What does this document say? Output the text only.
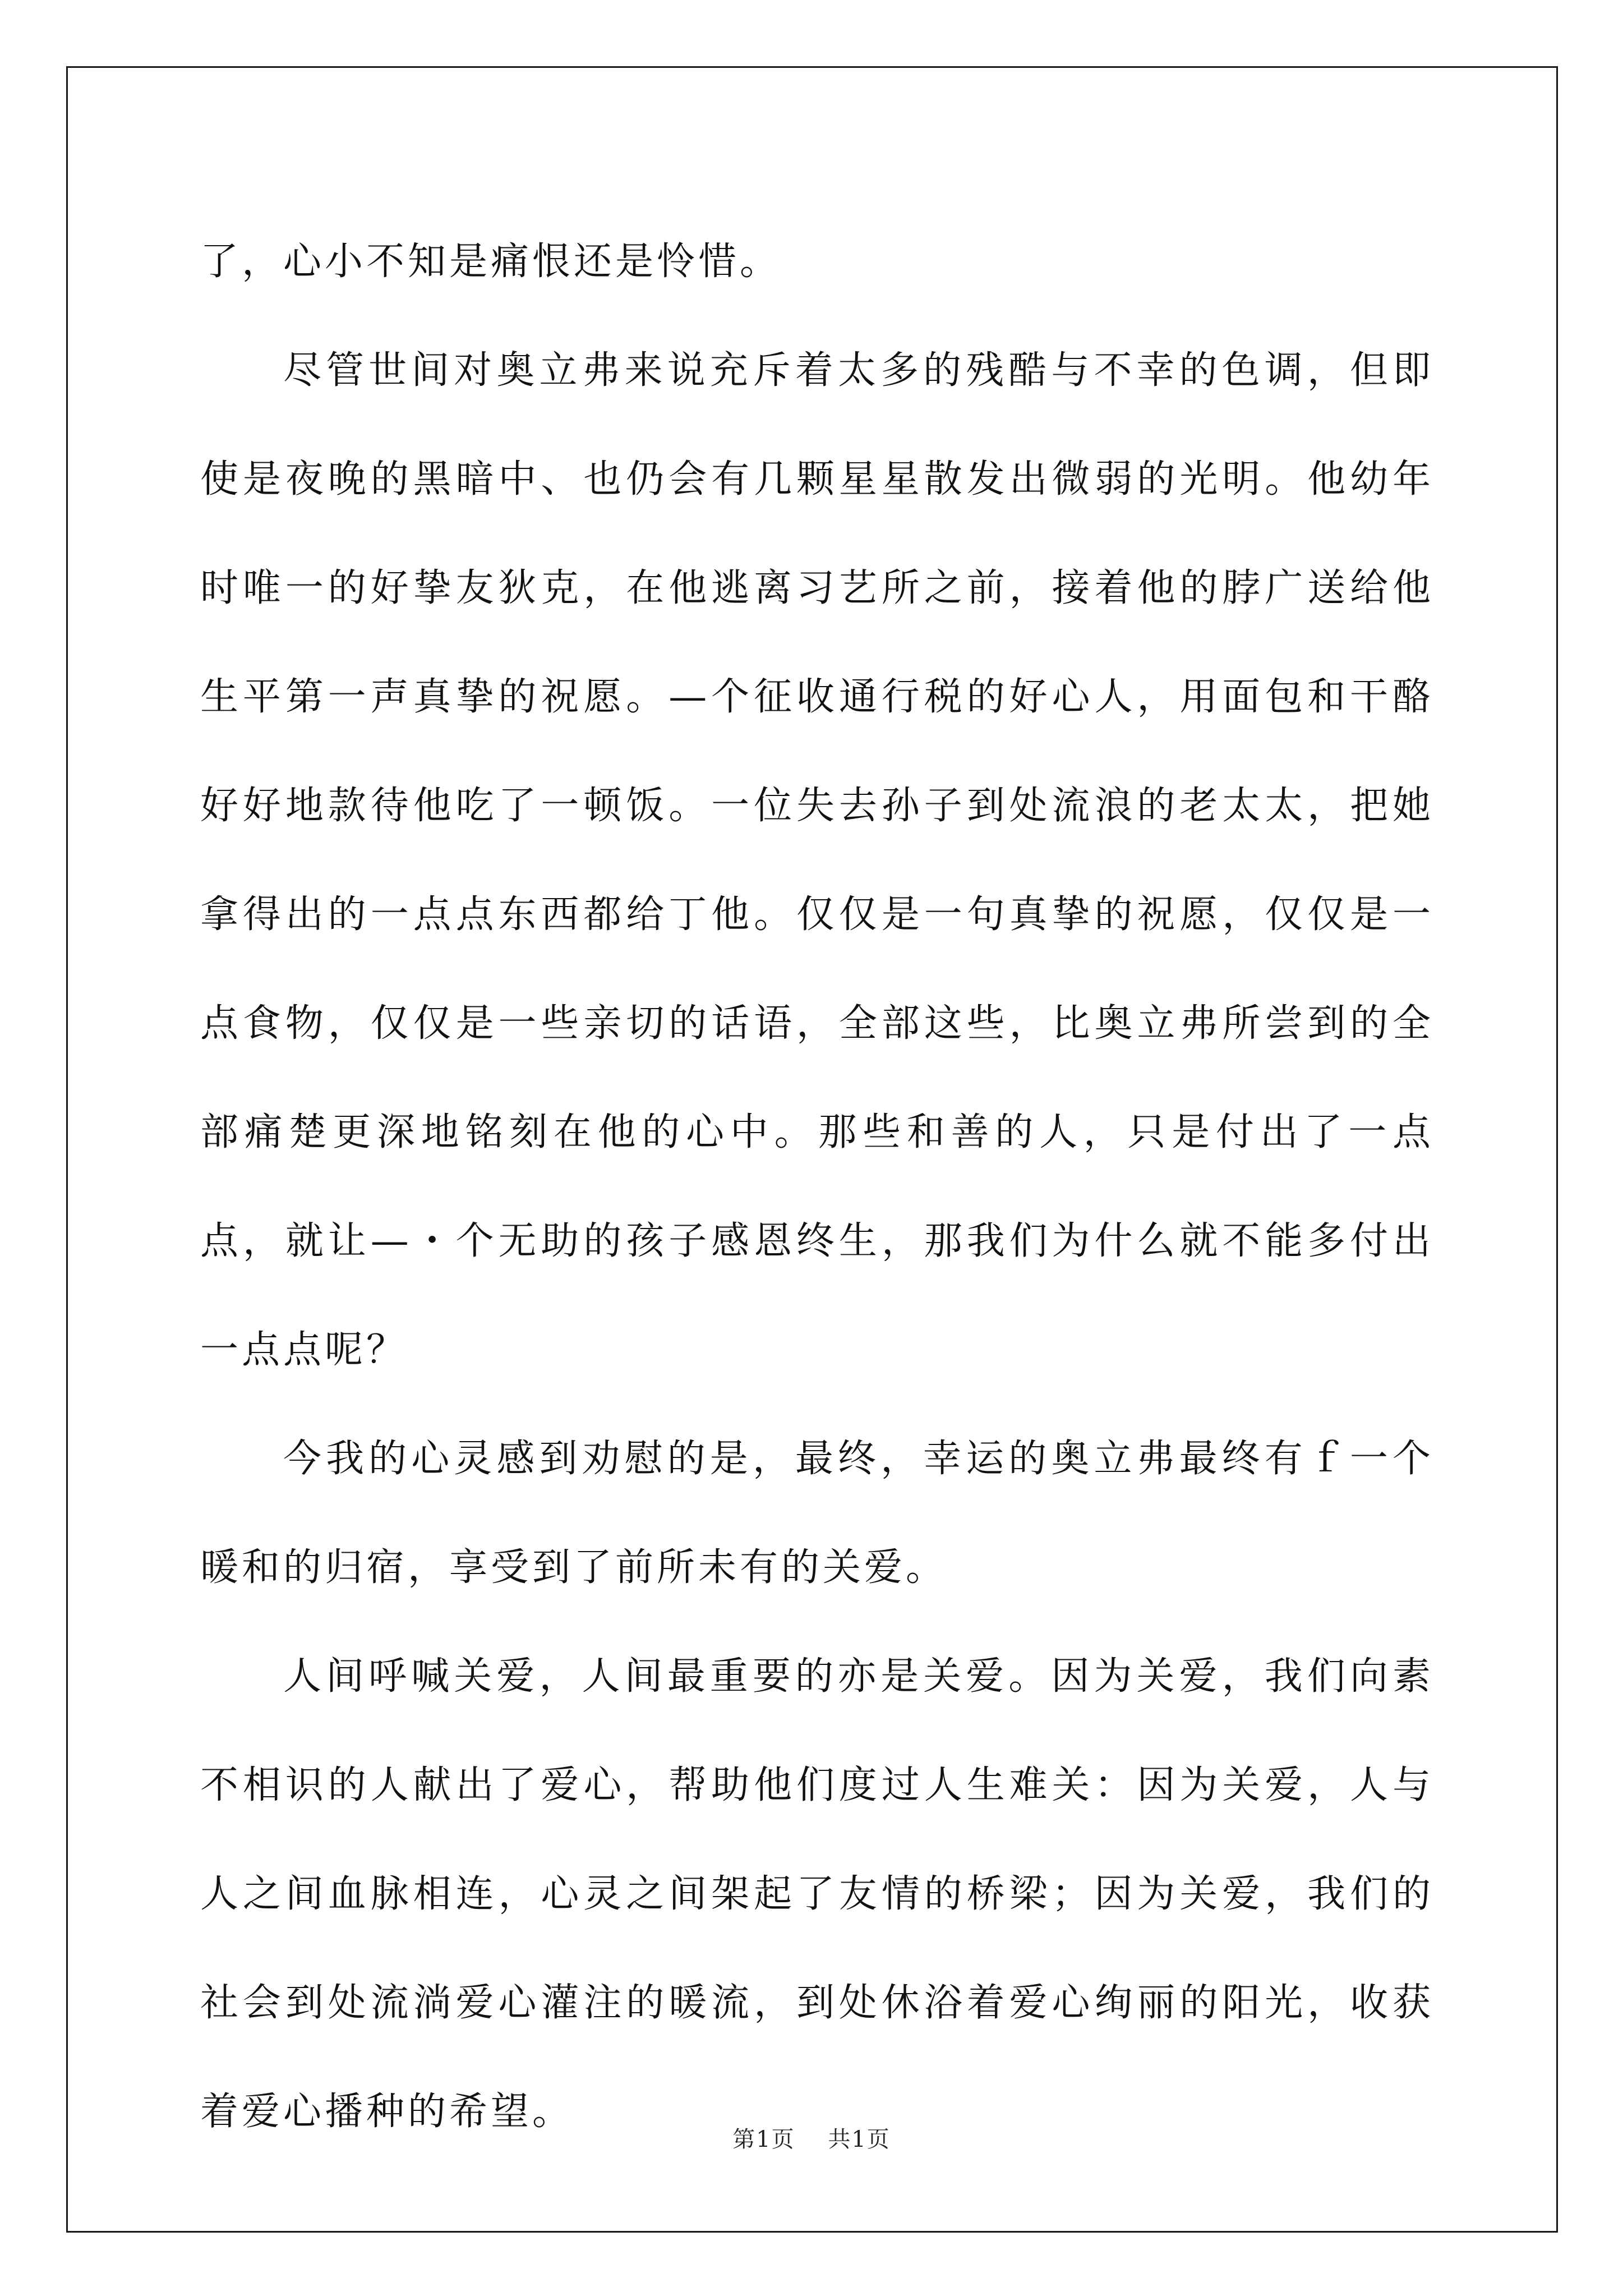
了，心小不知是痛恨还是怜惜。

尽管世间对奥立弗来说充斥着太多的残酷与不幸的色调，但即使是夜晚的黑暗中、也仍会有几颗星星散发出微弱的光明。他幼年时唯一的好挚友狄克，在他逃离习艺所之前，接着他的脖广送给他生平第一声真挚的祝愿。—个征收通行税的好心人，用面包和干酪好好地款待他吃了一顿饭。一位失去孙子到处流浪的老太太，把她拿得出的一点点东西都给丁他。仅仅是一句真挚的祝愿，仅仅是一点食物，仅仅是一些亲切的话语，全部这些，比奥立弗所尝到的全部痛楚更深地铭刻在他的心中。那些和善的人，只是付出了一点点，就让—・个无助的孩子感恩终生，那我们为什么就不能多付出一点点呢？

今我的心灵感到劝慰的是，最终，幸运的奥立弗最终有ｆ一个暖和的归宿，享受到了前所未有的关爱。

人间呼喊关爱，人间最重要的亦是关爱。因为关爱，我们向素不相识的人献出了爱心，帮助他们度过人生难关：因为关爱，人与人之间血脉相连，心灵之间架起了友情的桥梁；因为关爱，我们的社会到处流淌爱心灌注的暖流，到处休浴着爱心绚丽的阳光，收获着爱心播种的希望。

第1页 共1页
